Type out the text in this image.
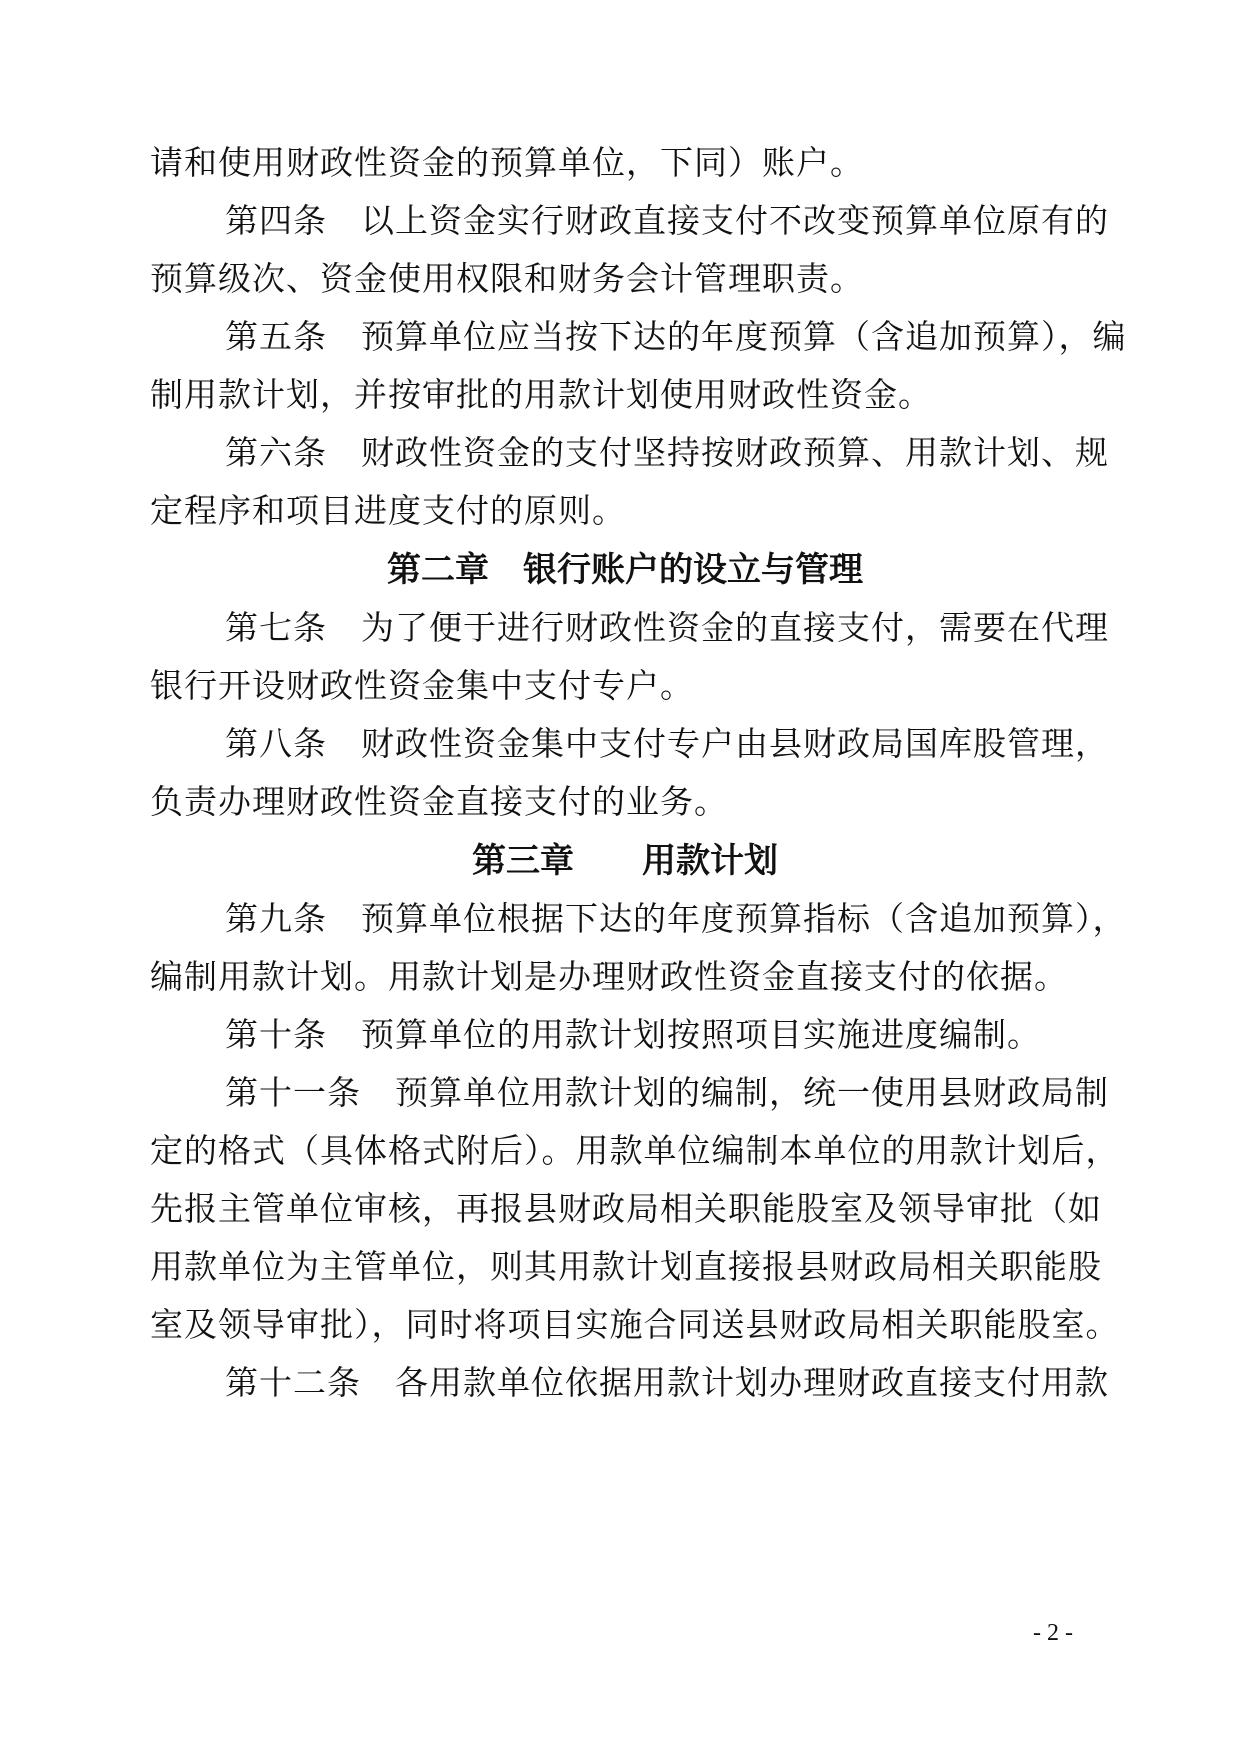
请和使用财政性资金的预算单位，下同）账户。
第四条　以上资金实行财政直接支付不改变预算单位原有的
预算级次、资金使用权限和财务会计管理职责。
第五条　预算单位应当按下达的年度预算（含追加预算），编
制用款计划，并按审批的用款计划使用财政性资金。
第六条　财政性资金的支付坚持按财政预算、用款计划、规
定程序和项目进度支付的原则。
第二章　银行账户的设立与管理
第七条　为了便于进行财政性资金的直接支付，需要在代理
银行开设财政性资金集中支付专户。
第八条　财政性资金集中支付专户由县财政局国库股管理，
负责办理财政性资金直接支付的业务。
第三章　　用款计划
第九条　预算单位根据下达的年度预算指标（含追加预算），
编制用款计划。用款计划是办理财政性资金直接支付的依据。
第十条　预算单位的用款计划按照项目实施进度编制。
第十一条　预算单位用款计划的编制，统一使用县财政局制
定的格式（具体格式附后）。用款单位编制本单位的用款计划后，
先报主管单位审核，再报县财政局相关职能股室及领导审批（如
用款单位为主管单位，则其用款计划直接报县财政局相关职能股
室及领导审批），同时将项目实施合同送县财政局相关职能股室。
第十二条　各用款单位依据用款计划办理财政直接支付用款
- 2 -
